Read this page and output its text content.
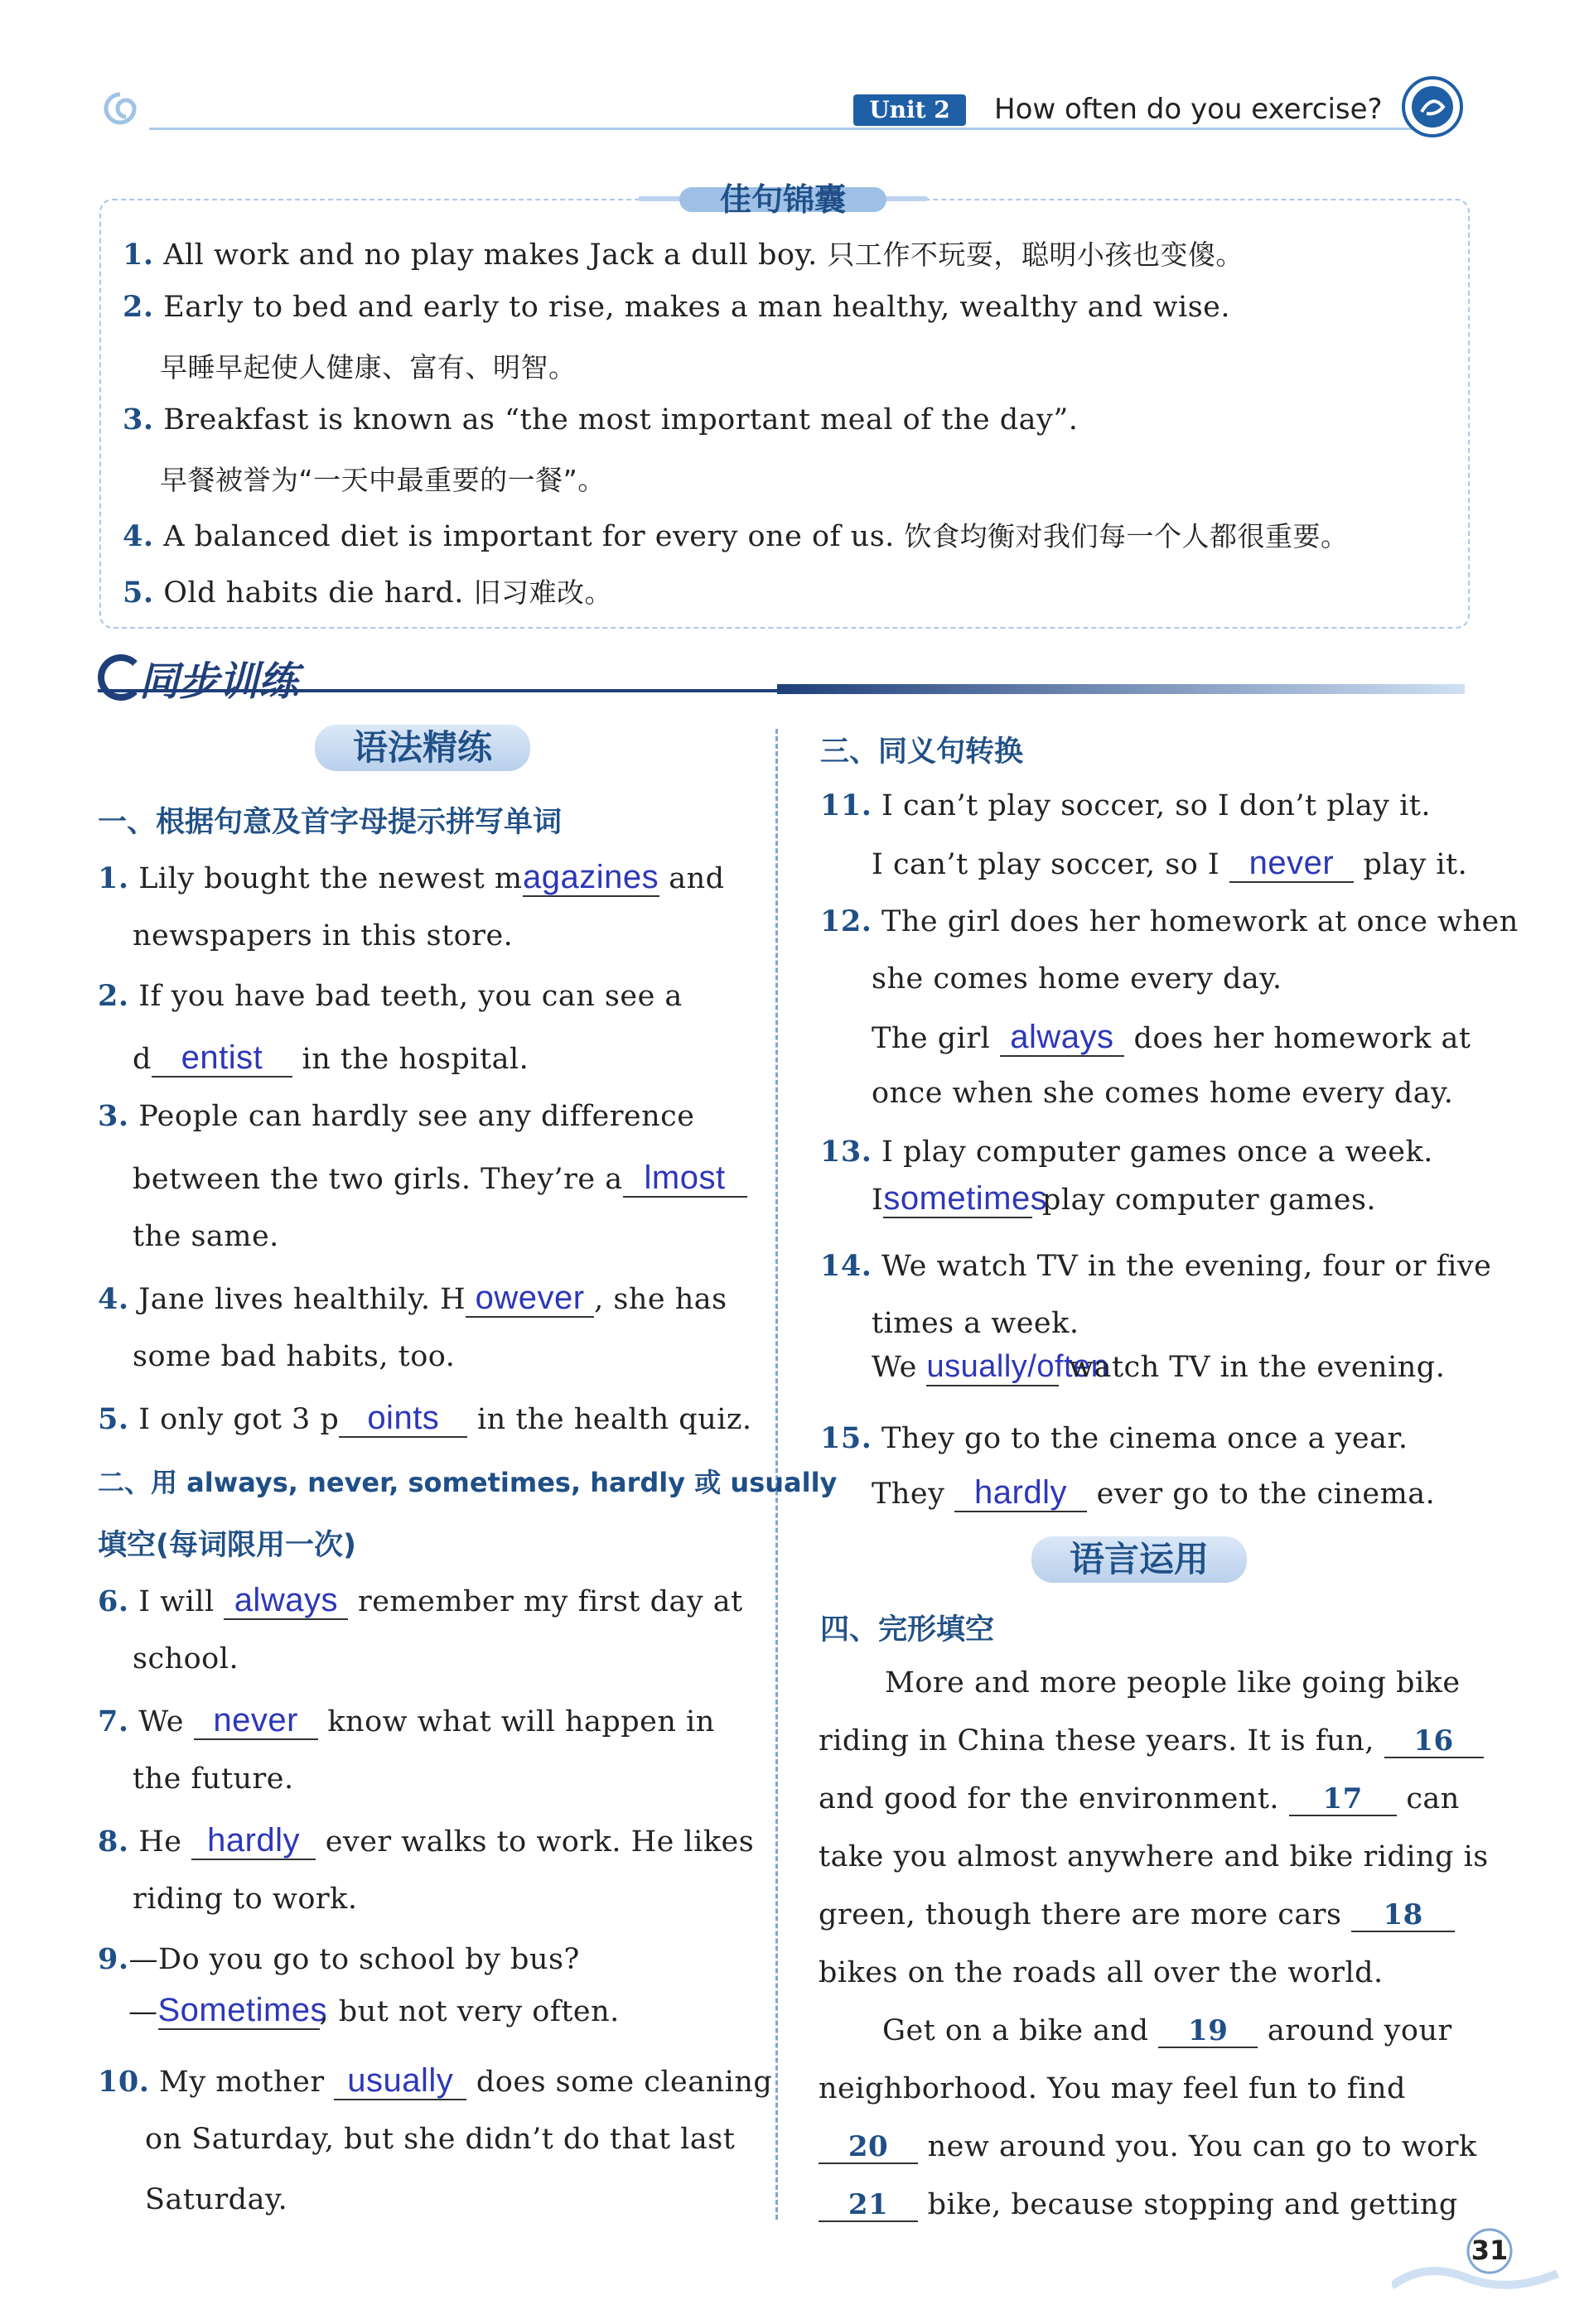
Unit 2	How often do you exercise?
佳句锦囊
1. All work and no play makes Jack a dull boy. 只工作不玩耍，聪明小孩也变傻。
2. Early to bed and early to rise, makes a man healthy, wealthy and wise.
早睡早起使人健康、富有、明智。
3. Breakfast is known as “the most important meal of the day”.
早餐被誉为“一天中最重要的一餐”。
4. A balanced diet is important for every one of us. 饮食均衡对我们每一个人都很重要。
5. Old habits die hard. 旧习难改。
同步训练
语法精练
一、根据句意及首字母提示拼写单词
1. Lily bought the newest magazines and
newspapers in this store.
2. If you have bad teeth, you can see a
d entist in the hospital.
3. People can hardly see any difference
between the two girls. They’re a lmost
the same.
4. Jane lives healthily. H owever , she has
some bad habits, too.
5. I only got 3 p oints in the health quiz.
二、用 always, never, sometimes, hardly 或 usually
填空(每词限用一次)
6. I will always remember my first day at
school.
7. We never know what will happen in
the future.
8. He hardly ever walks to work. He likes
riding to work.
9.—Do you go to school by bus?
—Sometimes, but not very often.
10. My mother usually does some cleaning
on Saturday, but she didn’t do that last
Saturday.
三、同义句转换
11. I can’t play soccer, so I don’t play it.
I can’t play soccer, so I never play it.
12. The girl does her homework at once when
she comes home every day.
The girl always does her homework at
once when she comes home every day.
13. I play computer games once a week.
Isometimes play computer games.
14. We watch TV in the evening, four or five
times a week.
We usually/often watch TV in the evening.
15. They go to the cinema once a year.
They hardly ever go to the cinema.
语言运用
四、完形填空
More and more people like going bike
riding in China these years. It is fun, 16
and good for the environment. 17 can
take you almost anywhere and bike riding is
green, though there are more cars 18
bikes on the roads all over the world.
Get on a bike and 19 around your
neighborhood. You may feel fun to find
20 new around you. You can go to work
21 bike, because stopping and getting
31
